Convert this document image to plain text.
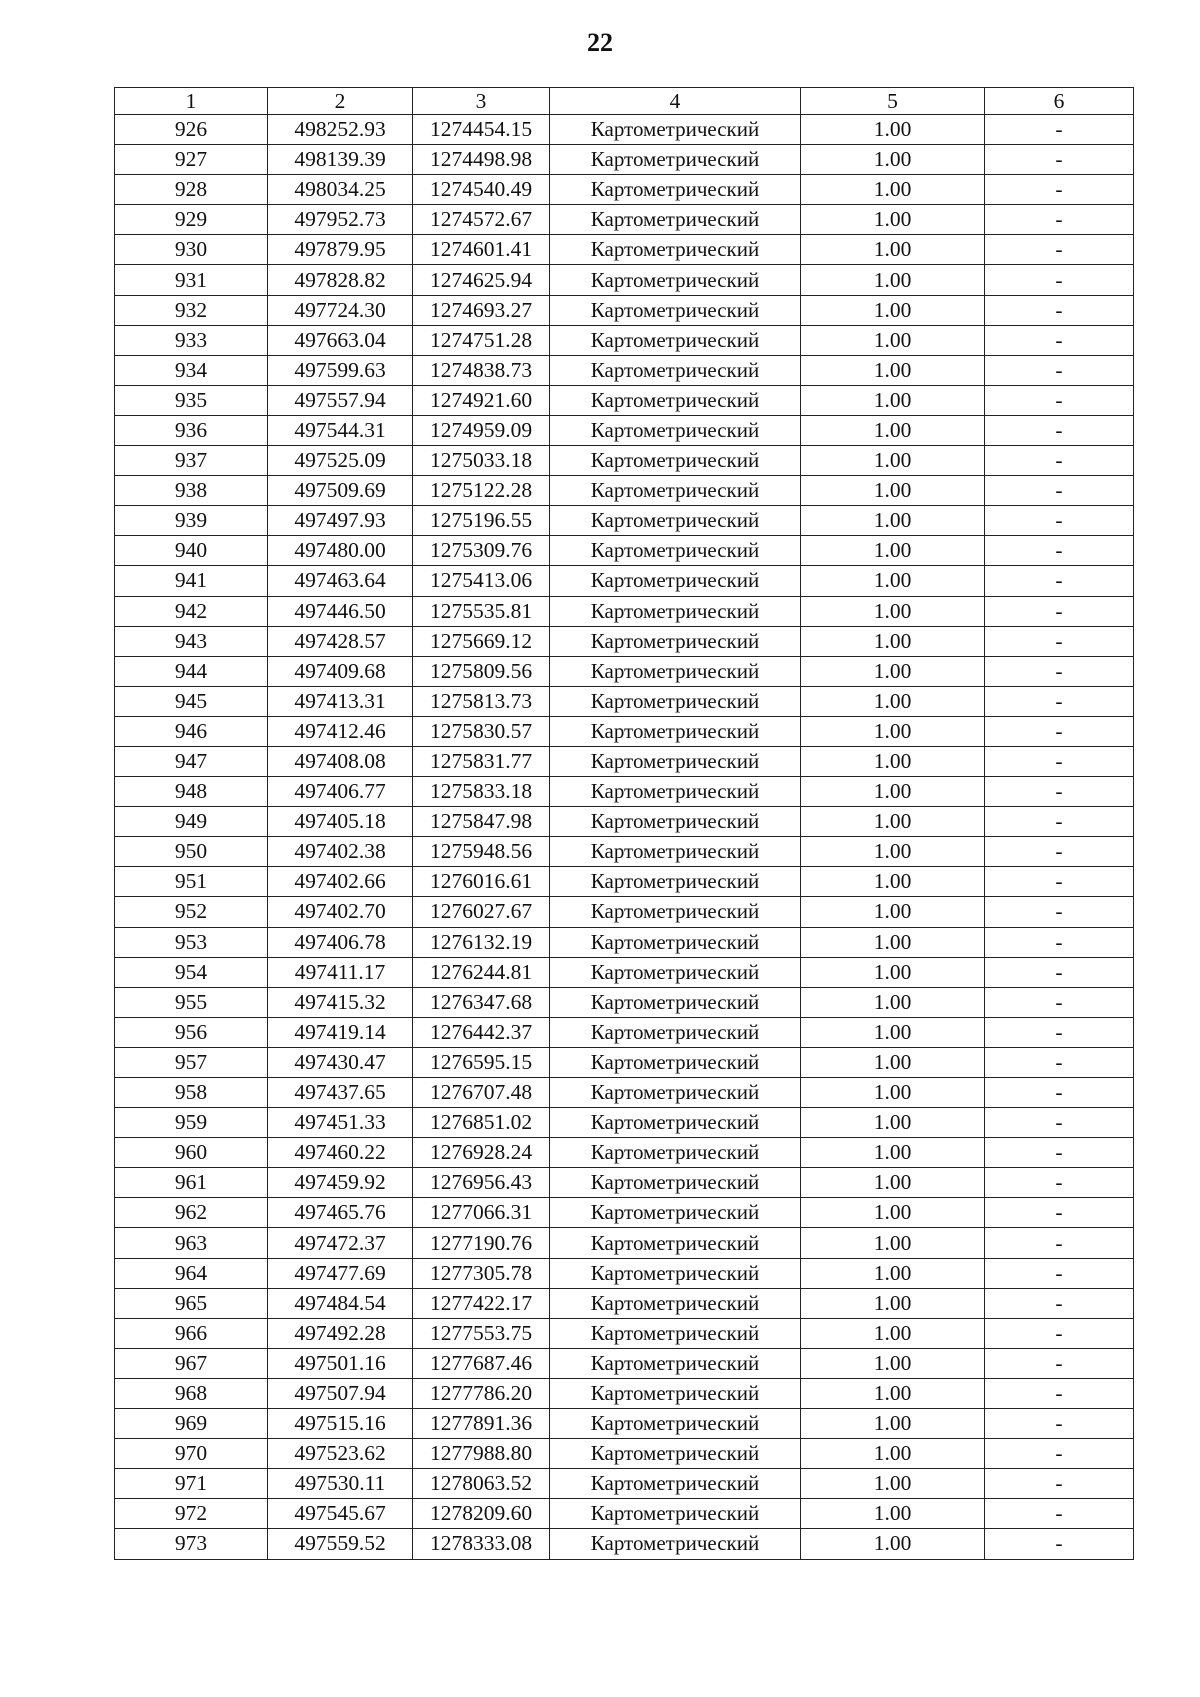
22
1	2	3	4	5	6
926	498252.93	1274454.15	Картометрический	1.00	-
927	498139.39	1274498.98	Картометрический	1.00	-
928	498034.25	1274540.49	Картометрический	1.00	-
929	497952.73	1274572.67	Картометрический	1.00	-
930	497879.95	1274601.41	Картометрический	1.00	-
931	497828.82	1274625.94	Картометрический	1.00	-
932	497724.30	1274693.27	Картометрический	1.00	-
933	497663.04	1274751.28	Картометрический	1.00	-
934	497599.63	1274838.73	Картометрический	1.00	-
935	497557.94	1274921.60	Картометрический	1.00	-
936	497544.31	1274959.09	Картометрический	1.00	-
937	497525.09	1275033.18	Картометрический	1.00	-
938	497509.69	1275122.28	Картометрический	1.00	-
939	497497.93	1275196.55	Картометрический	1.00	-
940	497480.00	1275309.76	Картометрический	1.00	-
941	497463.64	1275413.06	Картометрический	1.00	-
942	497446.50	1275535.81	Картометрический	1.00	-
943	497428.57	1275669.12	Картометрический	1.00	-
944	497409.68	1275809.56	Картометрический	1.00	-
945	497413.31	1275813.73	Картометрический	1.00	-
946	497412.46	1275830.57	Картометрический	1.00	-
947	497408.08	1275831.77	Картометрический	1.00	-
948	497406.77	1275833.18	Картометрический	1.00	-
949	497405.18	1275847.98	Картометрический	1.00	-
950	497402.38	1275948.56	Картометрический	1.00	-
951	497402.66	1276016.61	Картометрический	1.00	-
952	497402.70	1276027.67	Картометрический	1.00	-
953	497406.78	1276132.19	Картометрический	1.00	-
954	497411.17	1276244.81	Картометрический	1.00	-
955	497415.32	1276347.68	Картометрический	1.00	-
956	497419.14	1276442.37	Картометрический	1.00	-
957	497430.47	1276595.15	Картометрический	1.00	-
958	497437.65	1276707.48	Картометрический	1.00	-
959	497451.33	1276851.02	Картометрический	1.00	-
960	497460.22	1276928.24	Картометрический	1.00	-
961	497459.92	1276956.43	Картометрический	1.00	-
962	497465.76	1277066.31	Картометрический	1.00	-
963	497472.37	1277190.76	Картометрический	1.00	-
964	497477.69	1277305.78	Картометрический	1.00	-
965	497484.54	1277422.17	Картометрический	1.00	-
966	497492.28	1277553.75	Картометрический	1.00	-
967	497501.16	1277687.46	Картометрический	1.00	-
968	497507.94	1277786.20	Картометрический	1.00	-
969	497515.16	1277891.36	Картометрический	1.00	-
970	497523.62	1277988.80	Картометрический	1.00	-
971	497530.11	1278063.52	Картометрический	1.00	-
972	497545.67	1278209.60	Картометрический	1.00	-
973	497559.52	1278333.08	Картометрический	1.00	-
